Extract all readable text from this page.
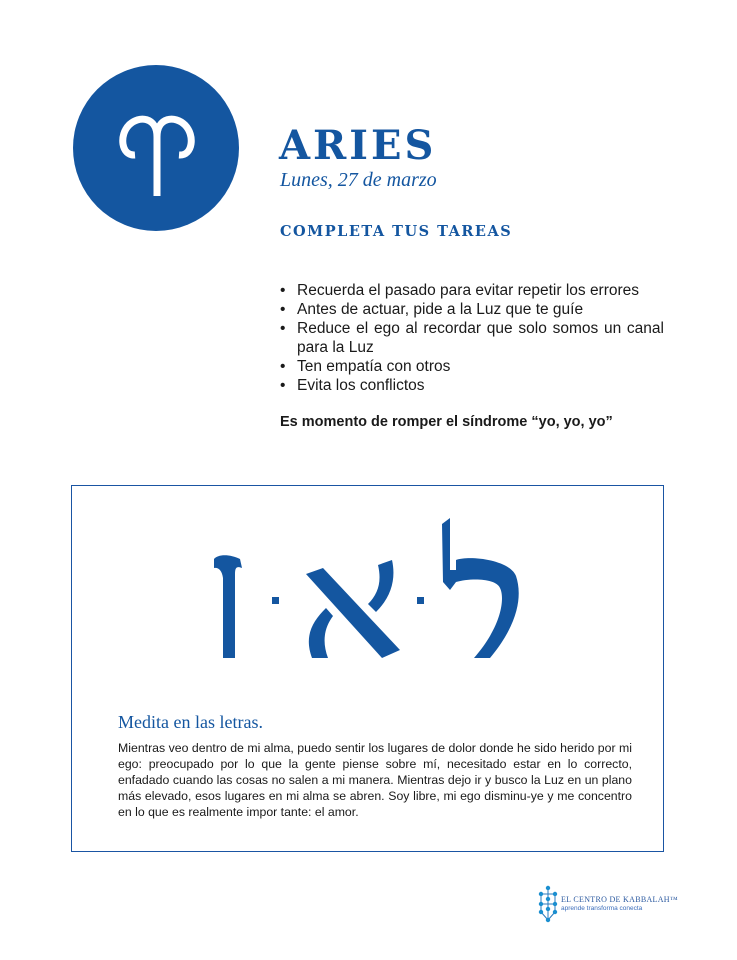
ARIES
Lunes, 27 de marzo
COMPLETA TUS TAREAS
• Recuerda el pasado para evitar repetir los errores
• Antes de actuar, pide a la Luz que te guíe
• Reduce el ego al recordar que solo somos un canal para la Luz
• Ten empatía con otros
• Evita los conflictos
Es momento de romper el síndrome “yo, yo, yo”
Medita en las letras.

Mientras veo dentro de mi alma, puedo sentir los lugares de dolor donde he sido herido por mi ego: preocupado por lo que la gente piense sobre mí, necesitado estar en lo correcto, enfadado cuando las cosas no salen a mi manera. Mientras dejo ir y busco la Luz en un plano más elevado, esos lugares en mi alma se abren. Soy libre, mi ego disminu-ye y me concentro en lo que es realmente impor tante: el amor.

EL CENTRO DE KABBALAH™
aprende transforma conecta
